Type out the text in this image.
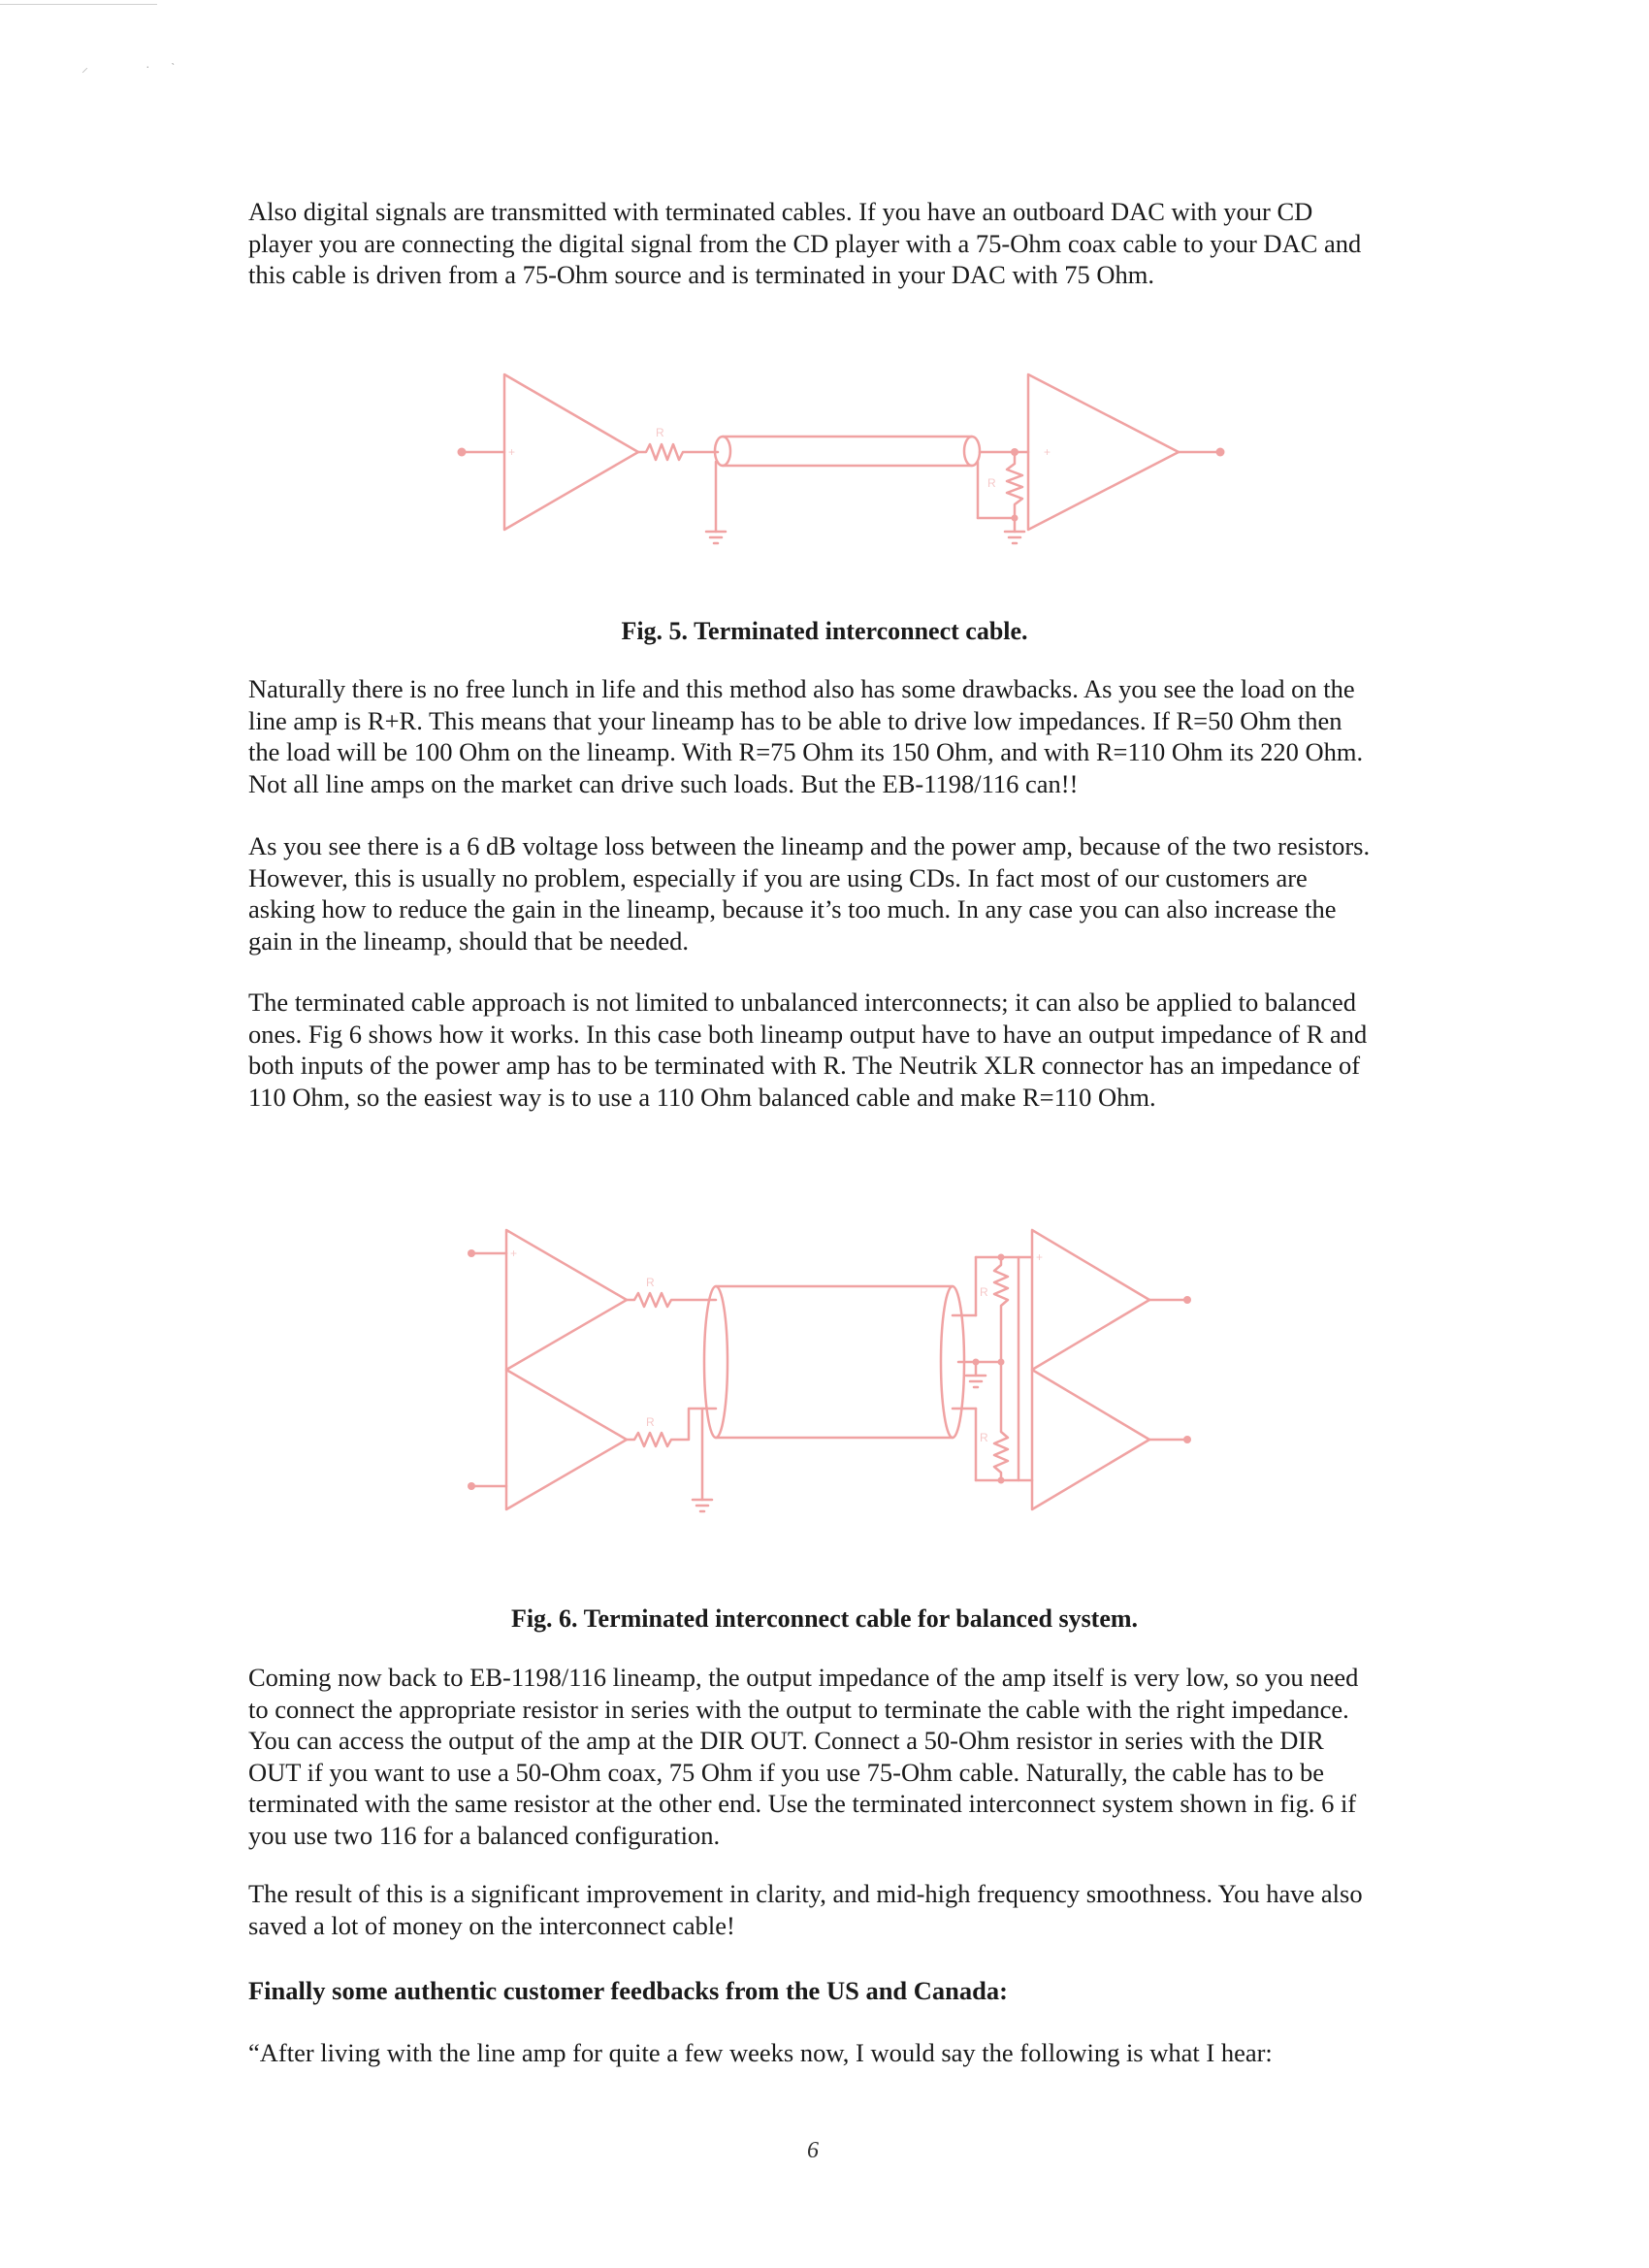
⸝	· ˋ

Also digital signals are transmitted with terminated cables. If you have an outboard DAC with your CD player you are connecting the digital signal from the CD player with a 75-Ohm coax cable to your DAC and this cable is driven from a 75-Ohm source and is terminated in your DAC with 75 Ohm.

+
R
R
+
Fig. 5. Terminated interconnect cable.

Naturally there is no free lunch in life and this method also has some drawbacks. As you see the load on the line amp is R+R. This means that your lineamp has to be able to drive low impedances. If R=50 Ohm then the load will be 100 Ohm on the lineamp. With R=75 Ohm its 150 Ohm, and with R=110 Ohm its 220 Ohm. Not all line amps on the market can drive such loads. But the EB-1198/116 can!!

As you see there is a 6 dB voltage loss between the lineamp and the power amp, because of the two resistors. However, this is usually no problem, especially if you are using CDs. In fact most of our customers are asking how to reduce the gain in the lineamp, because it’s too much. In any case you can also increase the gain in the lineamp, should that be needed.

The terminated cable approach is not limited to unbalanced interconnects; it can also be applied to balanced ones. Fig 6 shows how it works. In this case both lineamp output have to have an output impedance of R and both inputs of the power amp has to be terminated with R. The Neutrik XLR connector has an impedance of 110 Ohm, so the easiest way is to use a 110 Ohm balanced cable and make R=110 Ohm.

+
R
R
R
R
+
Fig. 6. Terminated interconnect cable for balanced system.

Coming now back to EB-1198/116 lineamp, the output impedance of the amp itself is very low, so you need to connect the appropriate resistor in series with the output to terminate the cable with the right impedance. You can access the output of the amp at the DIR OUT. Connect a 50-Ohm resistor in series with the DIR OUT if you want to use a 50-Ohm coax, 75 Ohm if you use 75-Ohm cable. Naturally, the cable has to be terminated with the same resistor at the other end. Use the terminated interconnect system shown in fig. 6 if you use two 116 for a balanced configuration.

The result of this is a significant improvement in clarity, and mid-high frequency smoothness. You have also saved a lot of money on the interconnect cable!

Finally some authentic customer feedbacks from the US and Canada:

“After living with the line amp for quite a few weeks now, I would say the following is what I hear:

6
